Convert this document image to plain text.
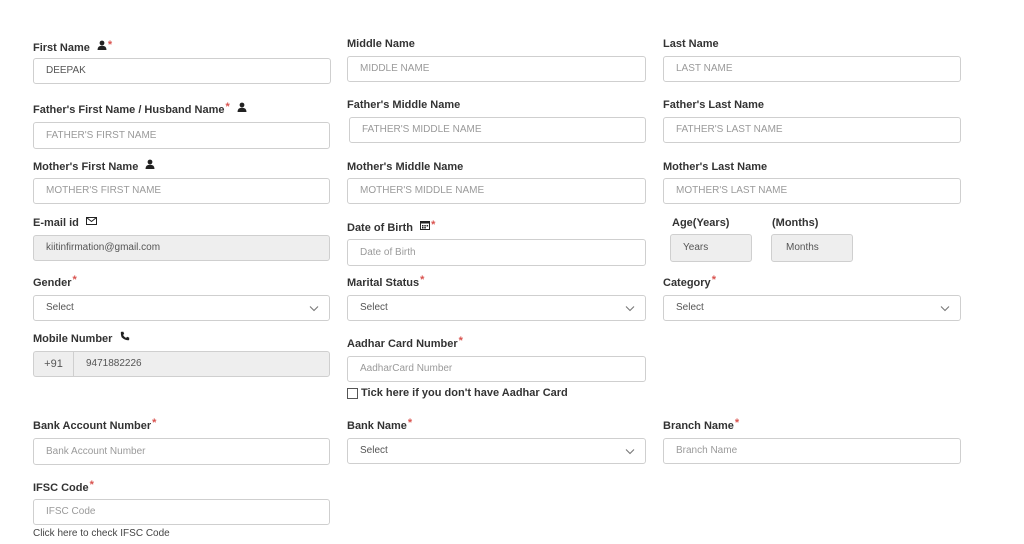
First Name *
DEEPAK
Middle Name
MIDDLE NAME
Last Name
LAST NAME
Father's First Name / Husband Name*
FATHER'S FIRST NAME
Father's Middle Name
FATHER'S MIDDLE NAME
Father's Last Name
FATHER'S LAST NAME
Mother's First Name
MOTHER'S FIRST NAME
Mother's Middle Name
MOTHER'S MIDDLE NAME
Mother's Last Name
MOTHER'S LAST NAME
E-mail id
kiitinfirmation@gmail.com
Date of Birth *
Date of Birth
Age(Years)	(Months)
Years	Months
Gender*
Select
Marital Status*
Select
Category*
Select
Mobile Number
+91	9471882226
Aadhar Card Number*
AadharCard Number
Tick here if you don't have Aadhar Card
Bank Account Number*
Bank Account Number
Bank Name*
Select
Branch Name*
Branch Name
IFSC Code*
IFSC Code
Click here to check IFSC Code
